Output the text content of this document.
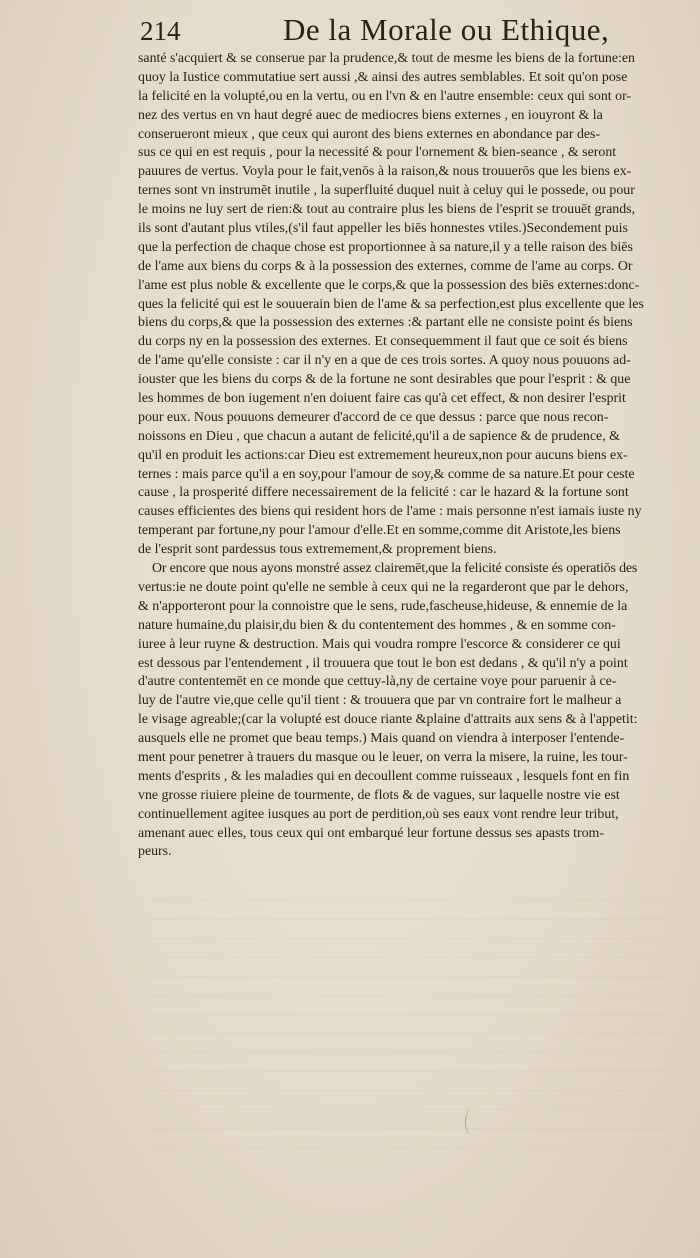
214	De la Morale ou Ethique,
santé s'acquiert & se conserue par la prudence,& tout de mesme les biens de la fortune:en
quoy la Iustice commutatiue sert aussi ,& ainsi des autres semblables. Et soit qu'on pose
la felicité en la volupté,ou en la vertu, ou en l'vn & en l'autre ensemble: ceux qui sont or-
nez des vertus en vn haut degré auec de mediocres biens externes , en iouyront & la
conserueront mieux , que ceux qui auront des biens externes en abondance par des-
sus ce qui en est requis , pour la necessité & pour l'ornement & bien-seance , & seront
pauures de vertus. Voyla pour le fait,venōs à la raison,& nous trouuerōs que les biens ex-
ternes sont vn instrumēt inutile , la superfluité duquel nuit à celuy qui le possede, ou pour
le moins ne luy sert de rien:& tout au contraire plus les biens de l'esprit se trouuēt grands,
ils sont d'autant plus vtiles,(s'il faut appeller les biēs honnestes vtiles.)Secondement puis
que la perfection de chaque chose est proportionnee à sa nature,il y a telle raison des biēs
de l'ame aux biens du corps & à la possession des externes, comme de l'ame au corps. Or
l'ame est plus noble & excellente que le corps,& que la possession des biēs externes:donc-
ques la felicité qui est le souuerain bien de l'ame & sa perfection,est plus excellente que les
biens du corps,& que la possession des externes :& partant elle ne consiste point és biens
du corps ny en la possession des externes. Et consequemment il faut que ce soit és biens
de l'ame qu'elle consiste : car il n'y en a que de ces trois sortes. A quoy nous pouuons ad-
iouster que les biens du corps & de la fortune ne sont desirables que pour l'esprit : & que
les hommes de bon iugement n'en doiuent faire cas qu'à cet effect, & non desirer l'esprit
pour eux. Nous pouuons demeurer d'accord de ce que dessus : parce que nous recon-
noissons en Dieu , que chacun a autant de felicité,qu'il a de sapience & de prudence, &
qu'il en produit les actions:car Dieu est extremement heureux,non pour aucuns biens ex-
ternes : mais parce qu'il a en soy,pour l'amour de soy,& comme de sa nature.Et pour ceste
cause , la prosperité differe necessairement de la felicité : car le hazard & la fortune sont
causes efficientes des biens qui resident hors de l'ame : mais personne n'est iamais iuste ny
temperant par fortune,ny pour l'amour d'elle.Et en somme,comme dit Aristote,les biens
de l'esprit sont pardessus tous extremement,& proprement biens.
Or encore que nous ayons monstré assez clairemēt,que la felicité consiste és operatiōs des
vertus:ie ne doute point qu'elle ne semble à ceux qui ne la regarderont que par le dehors,
& n'apporteront pour la connoistre que le sens, rude,fascheuse,hideuse, & ennemie de la
nature humaine,du plaisir,du bien & du contentement des hommes , & en somme con-
iuree à leur ruyne & destruction. Mais qui voudra rompre l'escorce & considerer ce qui
est dessous par l'entendement , il trouuera que tout le bon est dedans , & qu'il n'y a point
d'autre contentemēt en ce monde que cettuy-là,ny de certaine voye pour paruenir à ce-
luy de l'autre vie,que celle qu'il tient : & trouuera que par vn contraire fort le malheur a
le visage agreable;(car la volupté est douce riante &plaine d'attraits aux sens & à l'appetit:
ausquels elle ne promet que beau temps.) Mais quand on viendra à interposer l'entende-
ment pour penetrer à trauers du masque ou le leuer, on verra la misere, la ruine, les tour-
ments d'esprits , & les maladies qui en decoullent comme ruisseaux , lesquels font en fin
vne grosse riuiere pleine de tourmente, de flots & de vagues, sur laquelle nostre vie est
continuellement agitee iusques au port de perdition,où ses eaux vont rendre leur tribut,
amenant auec elles, tous ceux qui ont embarqué leur fortune dessus ses apasts trom-
peurs.
